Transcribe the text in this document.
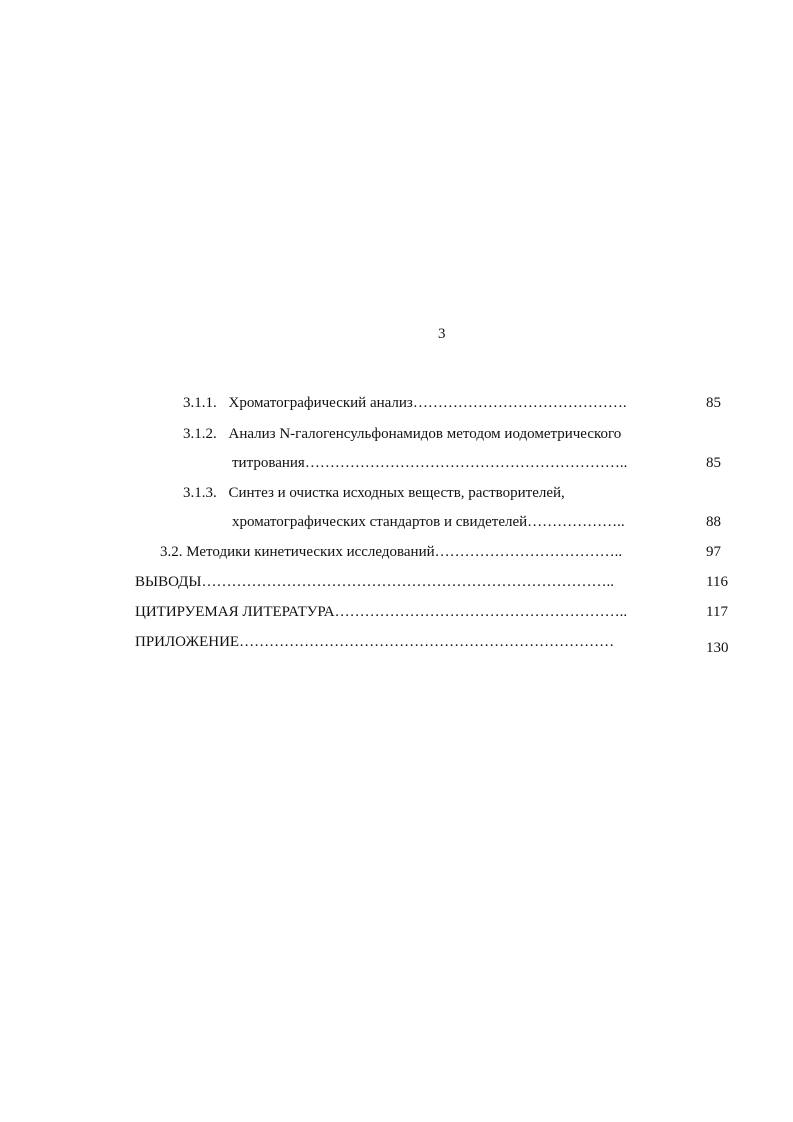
3
3.1.1. Хроматографический анализ…………………………………….	85
3.1.2. Анализ N-галогенсульфонамидов методом иодометрического
титрования………………………………………………………..	85
3.1.3. Синтез и очистка исходных веществ, растворителей,
хроматографических стандартов и свидетелей………………..	88
3.2. Методики кинетических исследований………………………………..	97
ВЫВОДЫ………………………………………………………………………..	116
ЦИТИРУЕМАЯ ЛИТЕРАТУРА…………………………………………………..	117
ПРИЛОЖЕНИЕ…………………………………………………………………	130
